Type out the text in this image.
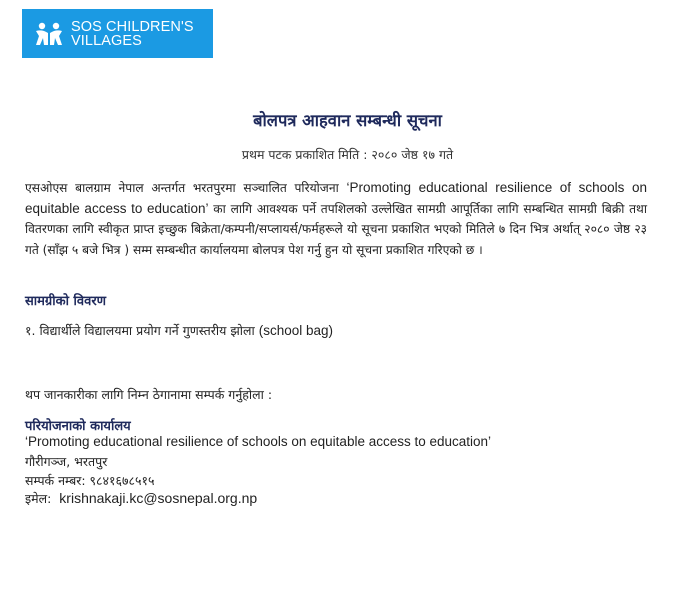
SOS CHILDREN'S
VILLAGES
बोलपत्र आहवान सम्बन्धी सूचना
प्रथम पटक प्रकाशित मिति : २०८० जेष्ठ १७ गते

एसओएस बालग्राम नेपाल अन्तर्गत भरतपुरमा सञ्चालित परियोजना ‘Promoting educational resilience of schools on equitable access to education’ का लागि आवश्यक पर्ने तपशिलको उल्लेखित सामग्री आपूर्तिका लागि सम्बन्धित सामग्री बिक्री तथा वितरणका लागि स्वीकृत प्राप्त इच्छुक बिक्रेता/कम्पनी/सप्लायर्स/फर्महरूले यो सूचना प्रकाशित भएको मितिले ७ दिन भित्र अर्थात् २०८० जेष्ठ २३ गते (साँझ ५ बजे भित्र ) सम्म सम्बन्धीत कार्यालयमा बोलपत्र पेश गर्नु हुन यो सूचना प्रकाशित गरिएको छ ।

सामग्रीको विवरण
१. विद्यार्थीले विद्यालयमा प्रयोग गर्ने गुणस्तरीय झोला (school bag)
थप जानकारीका लागि निम्न ठेगानामा सम्पर्क गर्नुहोला :
परियोजनाको कार्यालय
‘Promoting educational resilience of schools on equitable access to education’
गौरीगञ्ज, भरतपुर
सम्पर्क नम्बर: ९८४१६७८५१५
इमेल: krishnakaji.kc@sosnepal.org.np
